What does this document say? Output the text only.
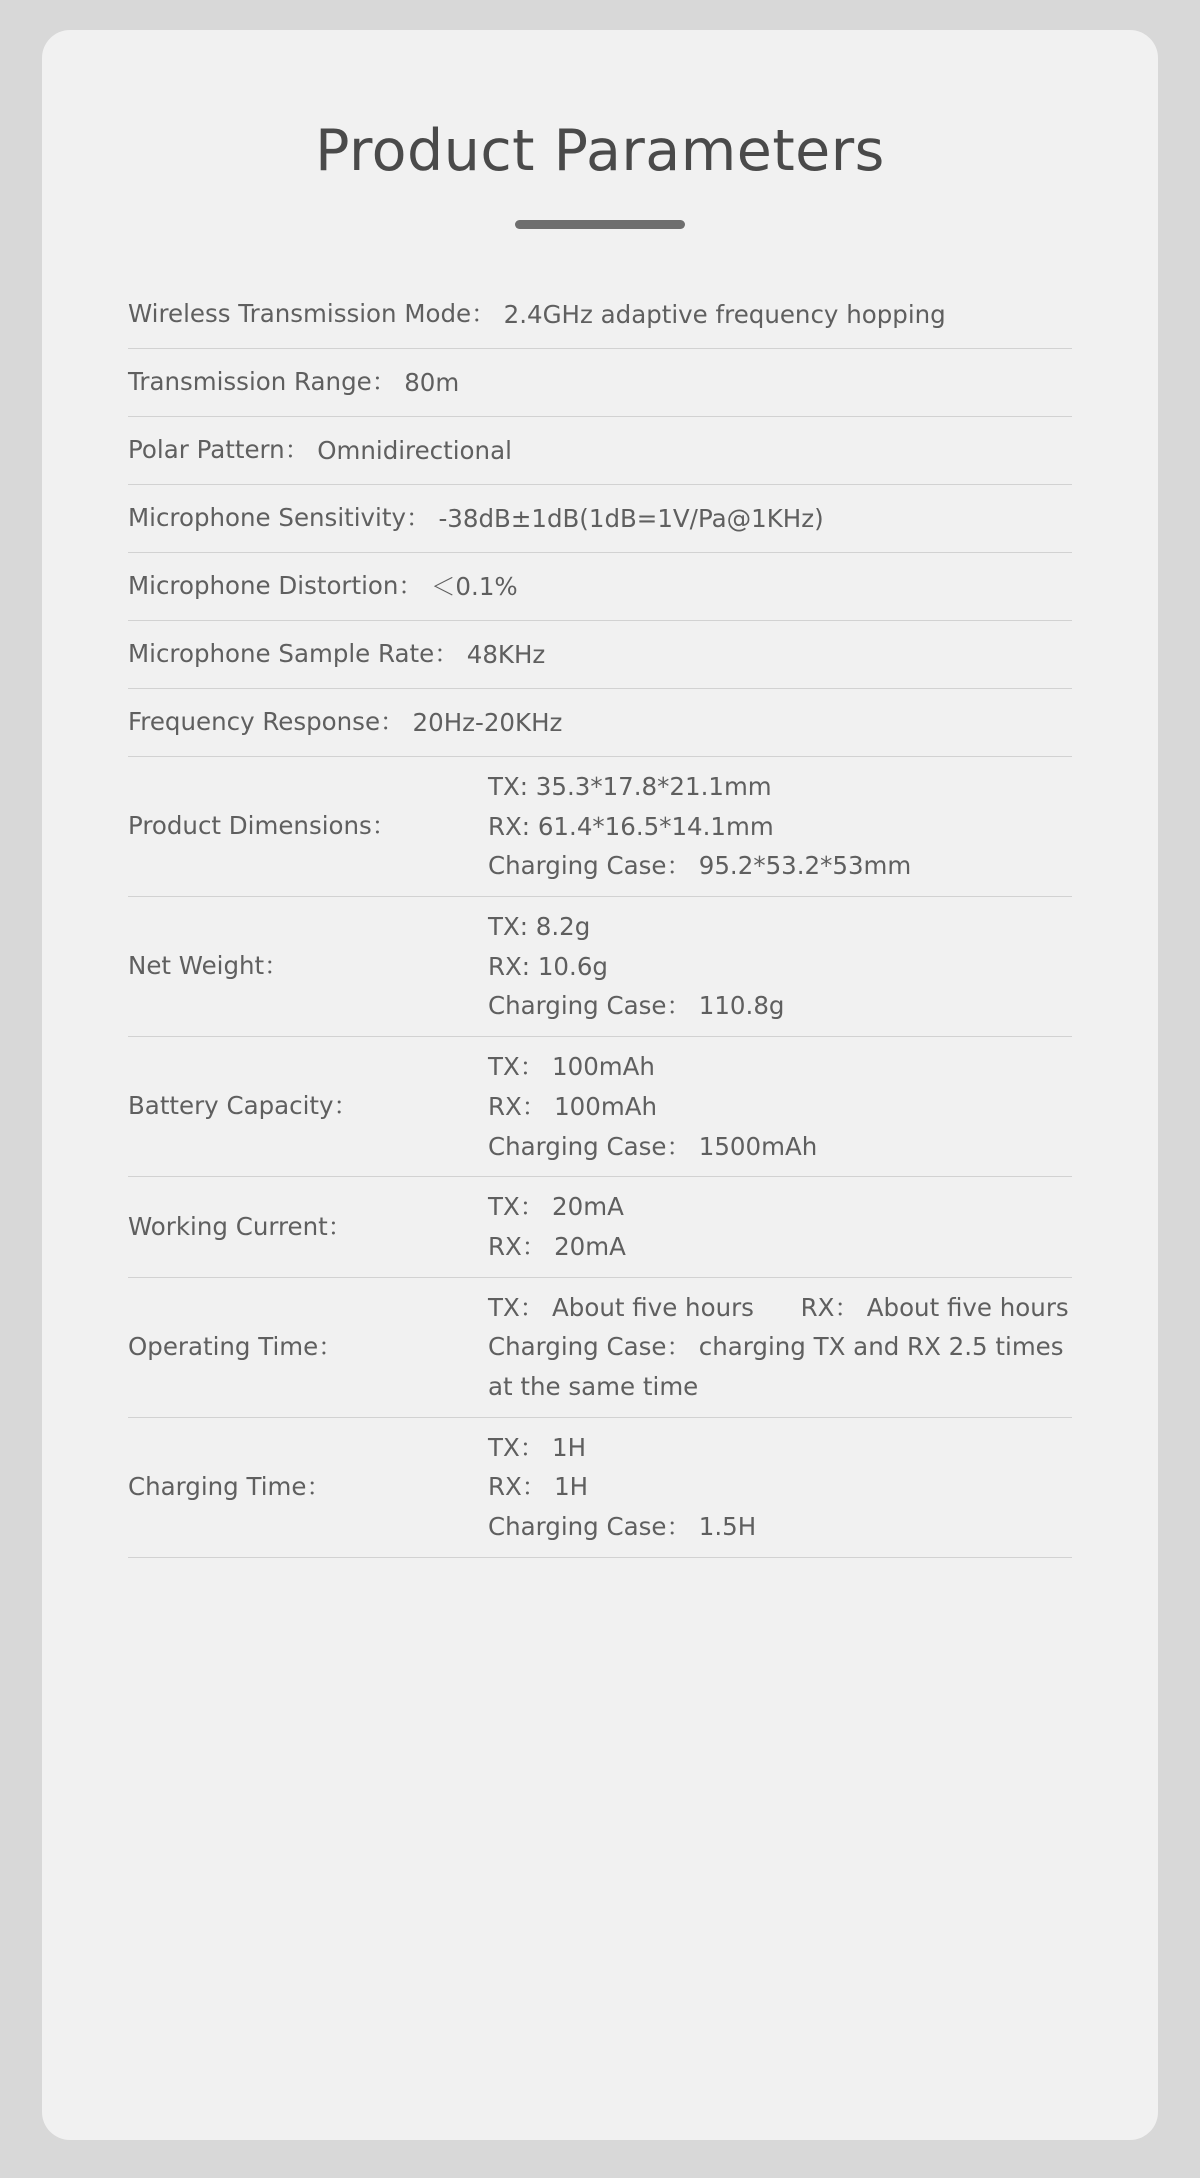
Product Parameters
Wireless Transmission Mode： 2.4GHz adaptive frequency hopping
Transmission Range： 80m
Polar Pattern： Omnidirectional
Microphone Sensitivity： -38dB±1dB(1dB=1V/Pa@1KHz)
Microphone Distortion： ＜0.1%
Microphone Sample Rate： 48KHz
Frequency Response： 20Hz-20KHz
Product Dimensions：
TX: 35.3*17.8*21.1mm
RX: 61.4*16.5*14.1mm
Charging Case： 95.2*53.2*53mm
Net Weight：
TX: 8.2g
RX: 10.6g
Charging Case： 110.8g
Battery Capacity：
TX： 100mAh
RX： 100mAh
Charging Case： 1500mAh
Working Current：
TX： 20mA
RX： 20mA
Operating Time：
TX： About five hours      RX： About five hours
Charging Case： charging TX and RX 2.5 times
at the same time
Charging Time：
TX： 1H
RX： 1H
Charging Case： 1.5H
